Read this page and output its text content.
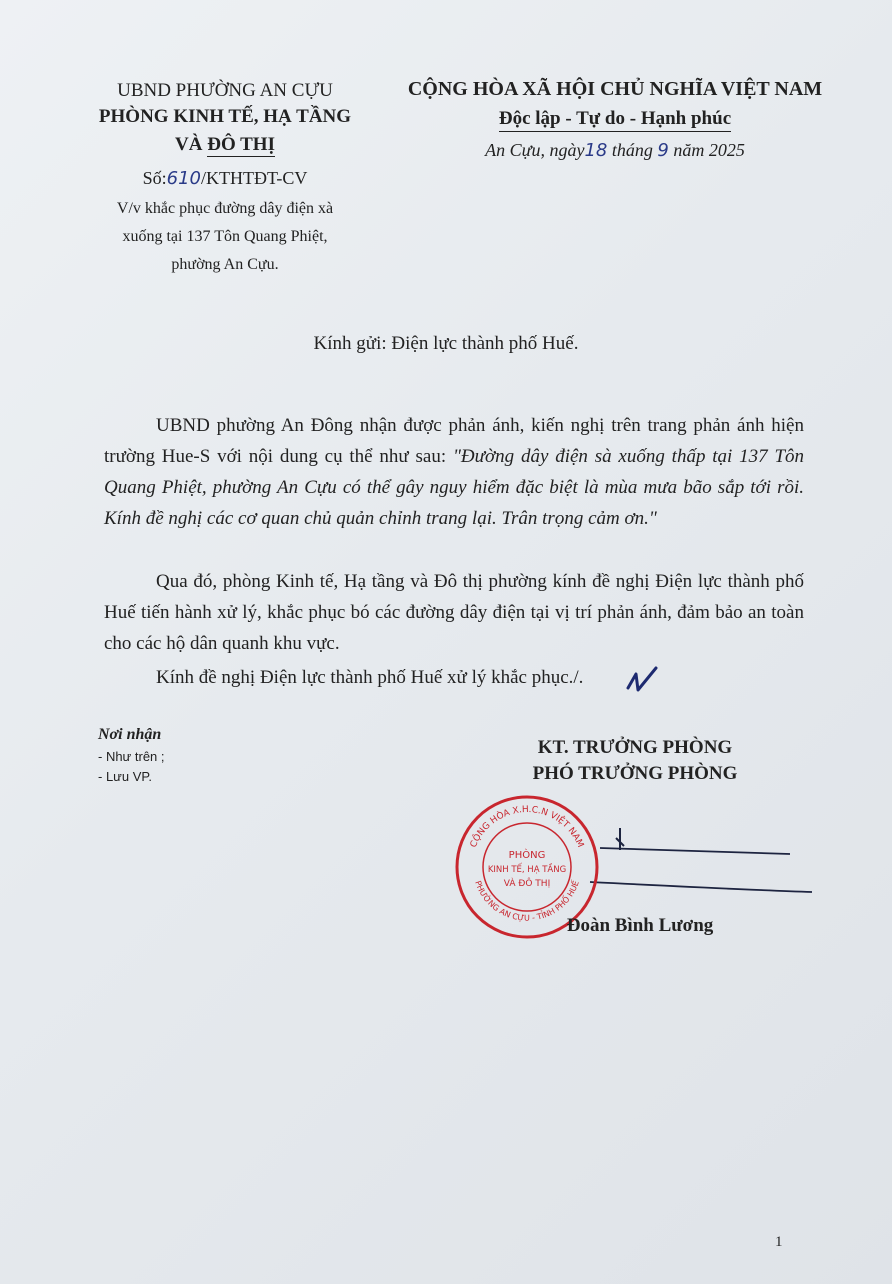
UBND PHƯỜNG AN CỰU
PHÒNG KINH TẾ, HẠ TẦNG
VÀ ĐÔ THỊ
Số:610/KTHTĐT-CV
V/v khắc phục đường dây điện xà
xuống tại 137 Tôn Quang Phiệt,
phường An Cựu.
CỘNG HÒA XÃ HỘI CHỦ NGHĨA VIỆT NAM
Độc lập - Tự do - Hạnh phúc
An Cựu, ngày18 tháng 9 năm 2025
Kính gửi: Điện lực thành phố Huế.
UBND phường An Đông nhận được phản ánh, kiến nghị trên trang phản ánh hiện trường Hue-S với nội dung cụ thể như sau: "Đường dây điện sà xuống thấp tại 137 Tôn Quang Phiệt, phường An Cựu có thể gây nguy hiểm đặc biệt là mùa mưa bão sắp tới rồi. Kính đề nghị các cơ quan chủ quản chỉnh trang lại. Trân trọng cảm ơn."
Qua đó, phòng Kinh tế, Hạ tầng và Đô thị phường kính đề nghị Điện lực thành phố Huế tiến hành xử lý, khắc phục bó các đường dây điện tại vị trí phản ánh, đảm bảo an toàn cho các hộ dân quanh khu vực.
Kính đề nghị Điện lực thành phố Huế xử lý khắc phục./.
Nơi nhận
- Như trên ;
- Lưu VP.
KT. TRƯỞNG PHÒNG
PHÓ TRƯỞNG PHÒNG
CỘNG HÒA X.H.C.N VIỆT NAM
PHƯỜNG AN CỰU - TỈNH PHỐ HUẾ
PHÒNG
KINH TẾ, HẠ TẦNG
VÀ ĐÔ THỊ
Đoàn Bình Lương
1
